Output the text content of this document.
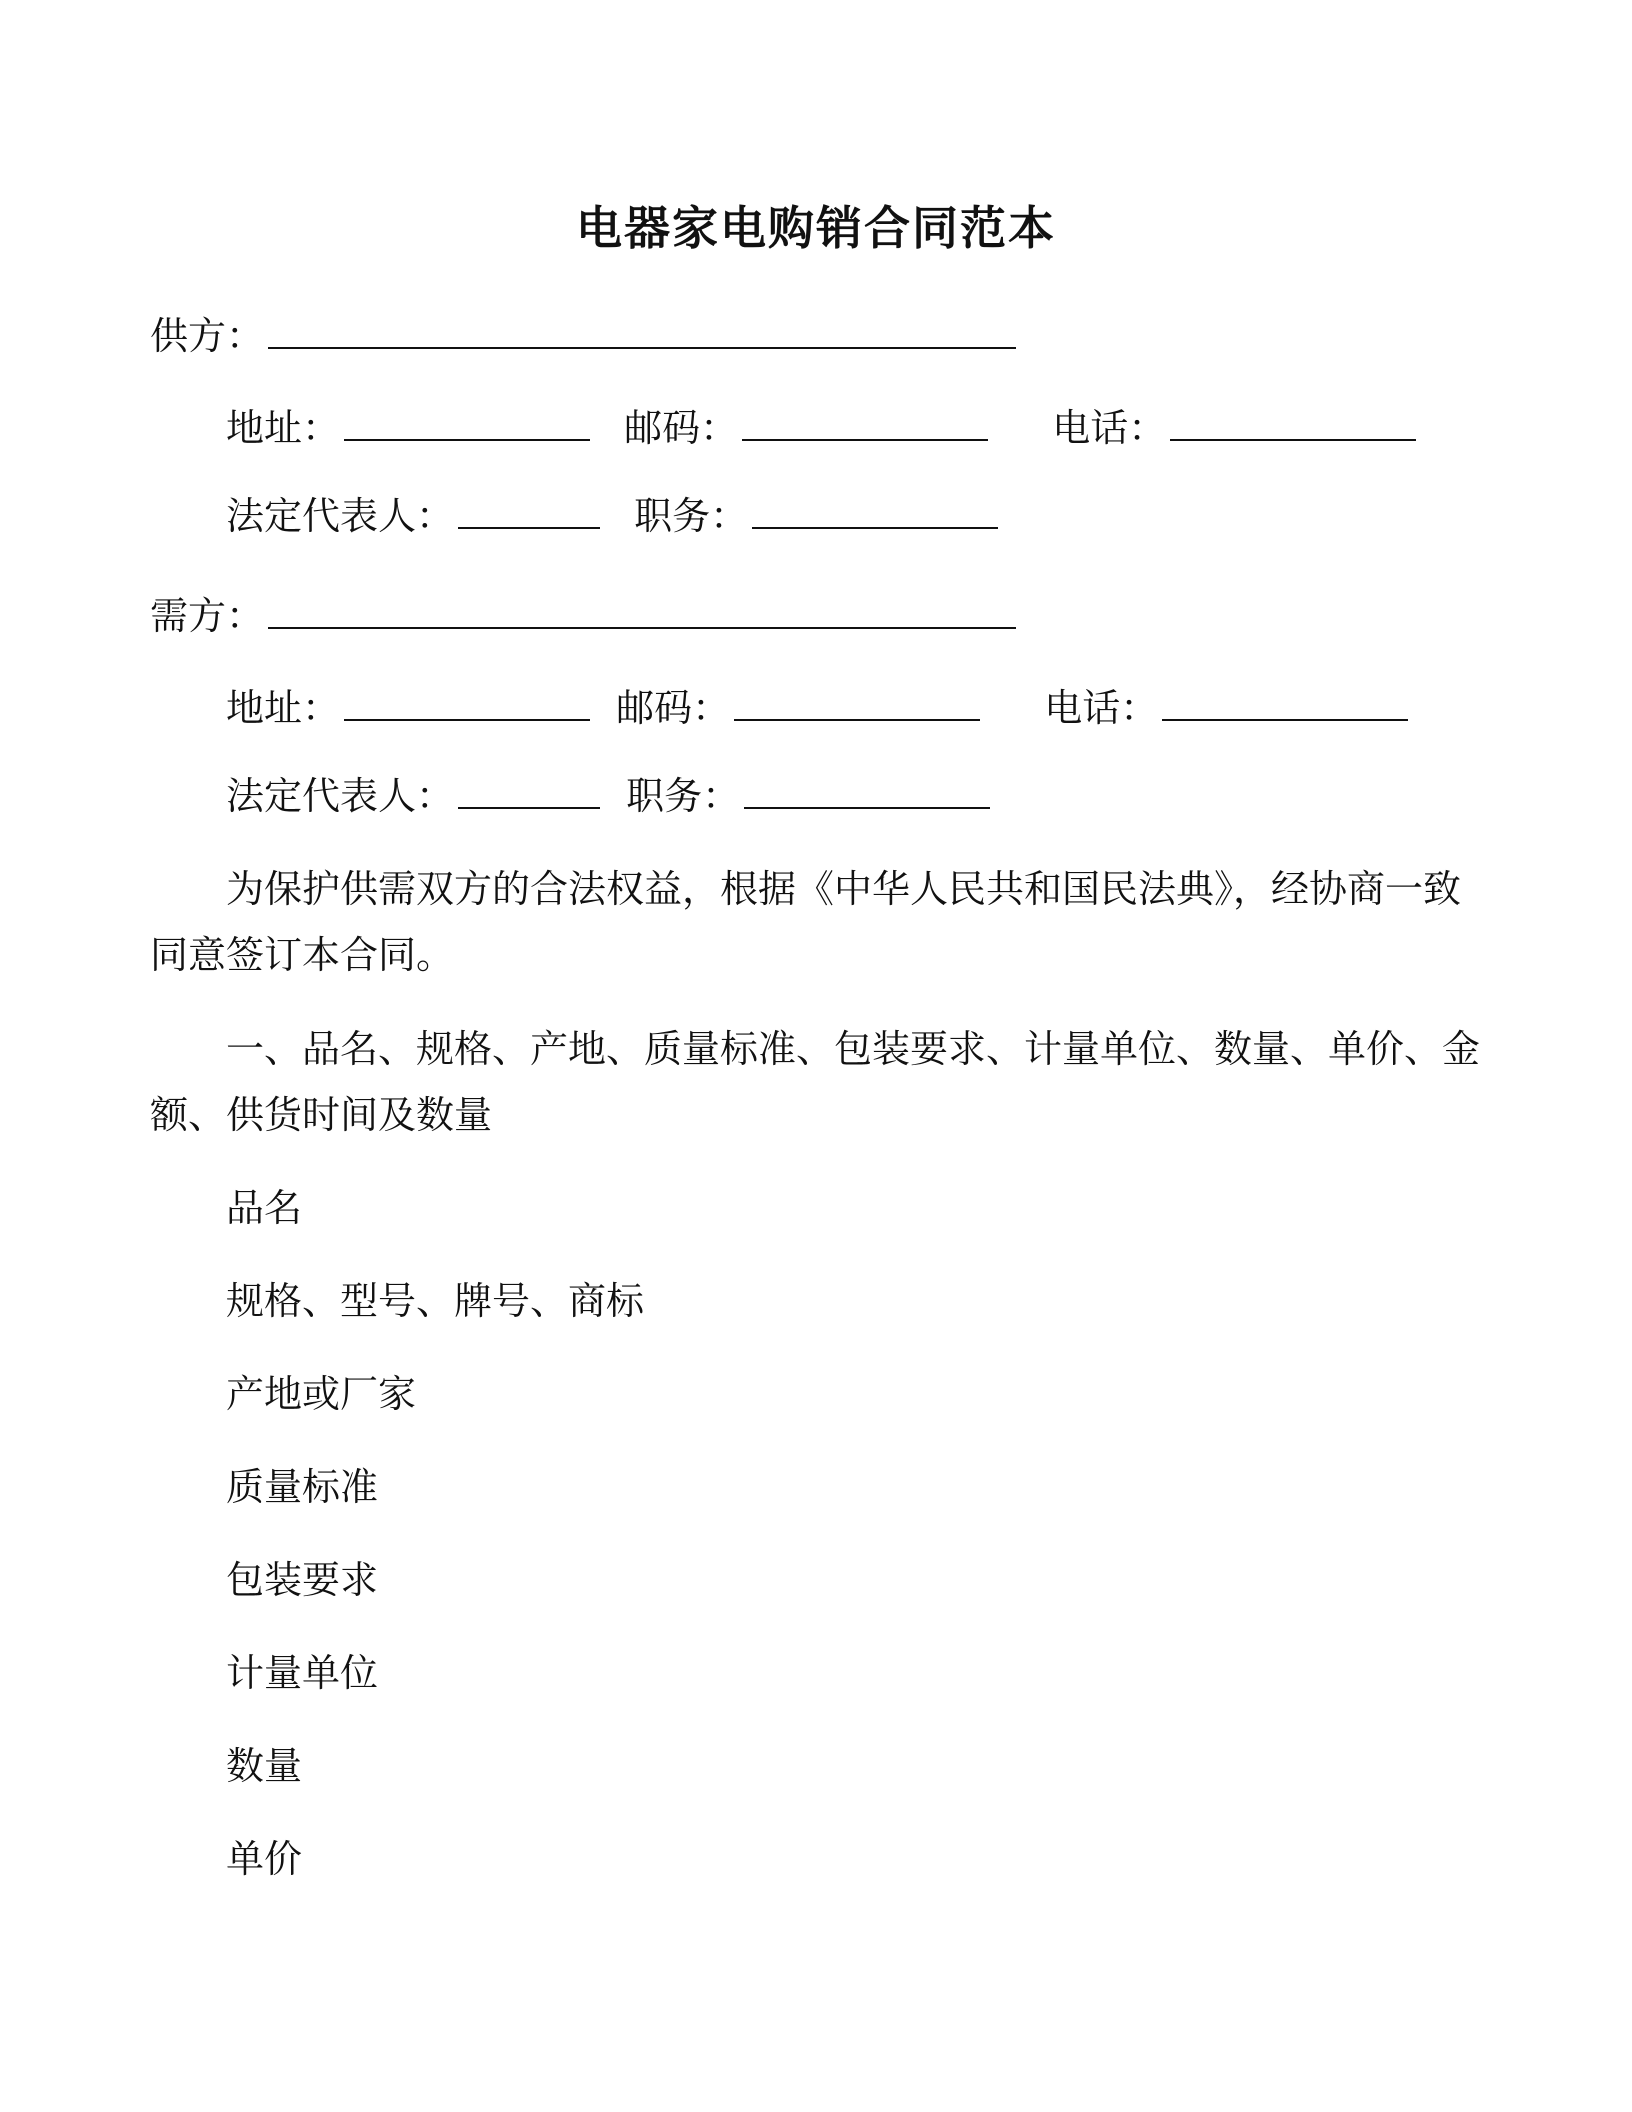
电器家电购销合同范本
供方：
地址：	邮码：	电话：
法定代表人：	职务：
需方：
地址：	邮码：	电话：
法定代表人：	职务：
为保护供需双方的合法权益，根据《中华人民共和国民法典》，经协商一致同意签订本合同。
一、品名、规格、产地、质量标准、包装要求、计量单位、数量、单价、金额、供货时间及数量
品名
规格、型号、牌号、商标
产地或厂家
质量标准
包装要求
计量单位
数量
单价
